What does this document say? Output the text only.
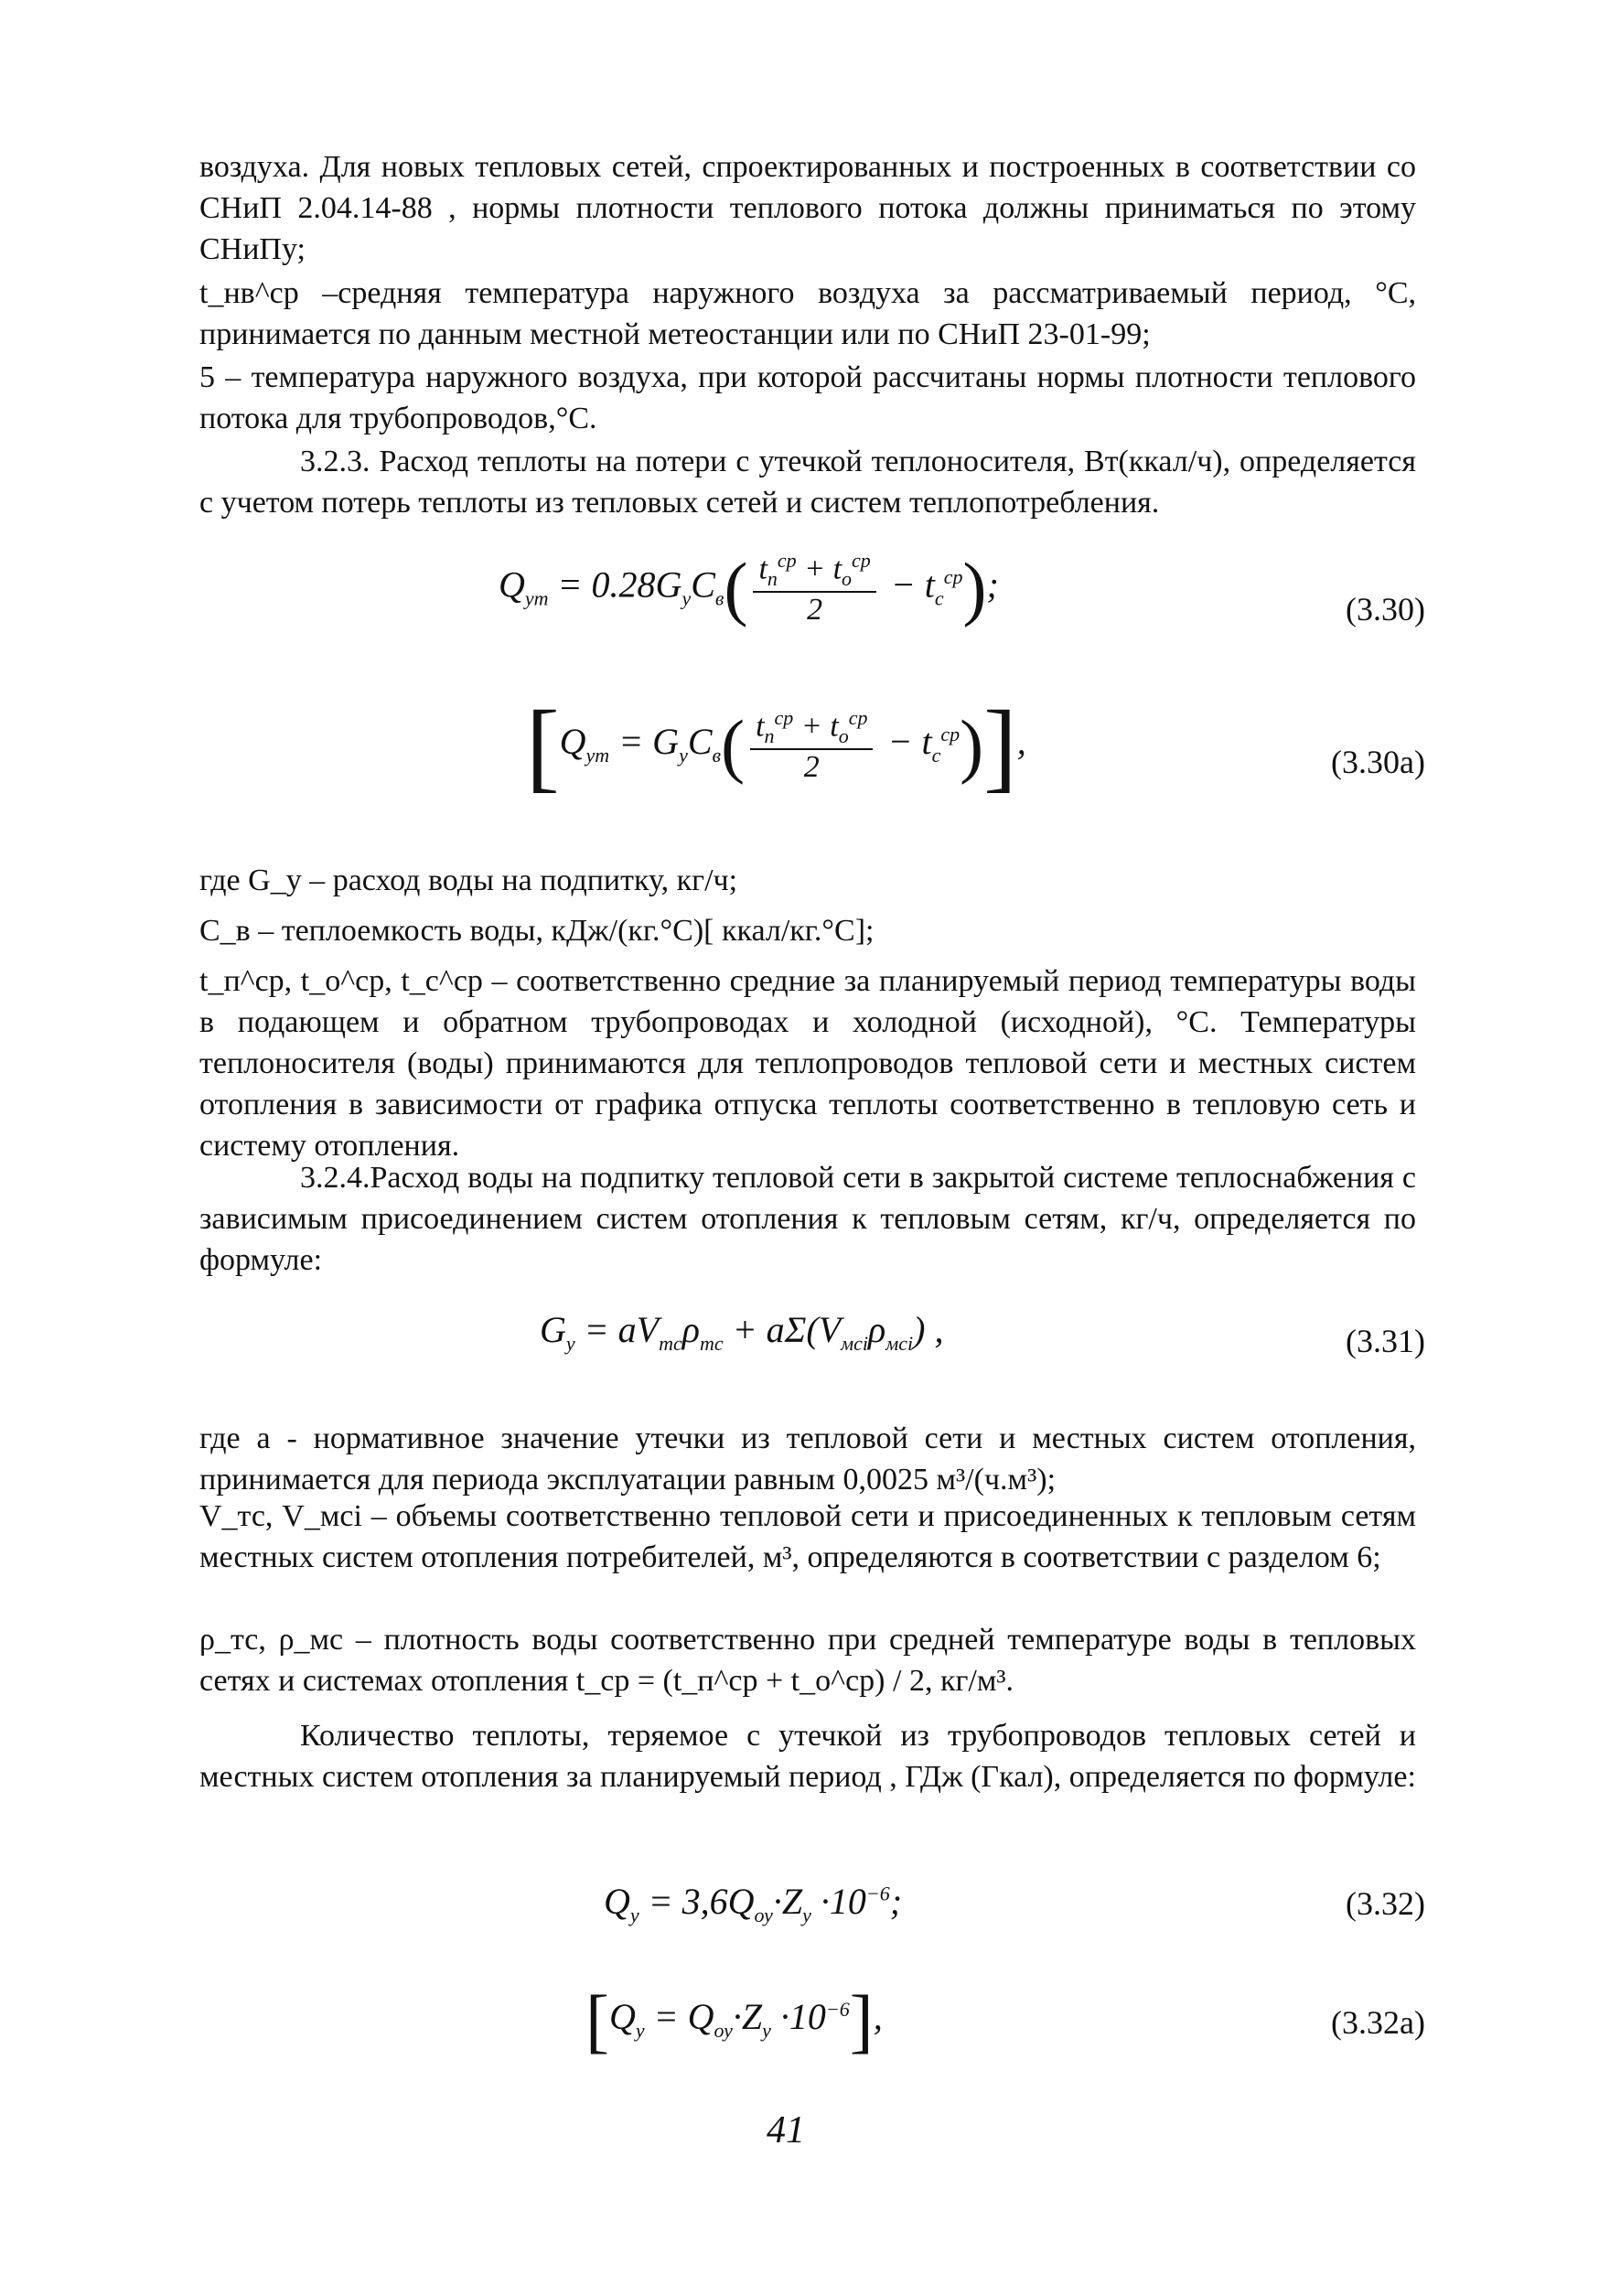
воздуха. Для новых тепловых сетей, спроектированных и построенных в соответствии со СНиП 2.04.14-88 , нормы плотности теплового потока должны приниматься по этому СНиПу;

t_нв^ср –средняя температура наружного воздуха за рассматриваемый период, °С, принимается по данным местной метеостанции или по СНиП 23-01-99;

5 – температура наружного воздуха, при которой рассчитаны нормы плотности теплового потока для трубопроводов,°С.

3.2.3. Расход теплоты на потери с утечкой теплоносителя, Вт(ккал/ч), определяется с учетом потерь теплоты из тепловых сетей и систем теплопотребления.

$Q_{ут} = 0.28G_уC_в( \frac{t_п^{ср} + t_о^{ср}}{2} - t_с^{ср})$;
(3.30)
$[Q_{ут} = G_уC_в( \frac{t_п^{ср} + t_о^{ср}}{2} - t_с^{ср})]$,	(3.30a)

где G_у – расход воды на подпитку, кг/ч;

C_в – теплоемкость воды, кДж/(кг.°С)[ ккал/кг.°С];

t_п^ср, t_о^ср, t_с^ср – соответственно средние за планируемый период температуры воды в подающем и обратном трубопроводах и холодной (исходной), °С. Температуры теплоносителя (воды) принимаются для теплопроводов тепловой сети и местных систем отопления в зависимости от графика отпуска теплоты соответственно в тепловую сеть и систему отопления.

3.2.4.Расход воды на подпитку тепловой сети в закрытой системе теплоснабжения с зависимым присоединением систем отопления к тепловым сетям, кг/ч, определяется по формуле:

$G_у = aV_{тс}\rho_{тс} + a\Sigma(V_{мсi}\rho_{мсi})$ ,	(3.31)

где a - нормативное значение утечки из тепловой сети и местных систем отопления, принимается для периода эксплуатации равным 0,0025 м³/(ч.м³);

V_тс, V_мсi – объемы соответственно тепловой сети и присоединенных к тепловым сетям местных систем отопления потребителей, м³, определяются в соответствии с разделом 6;

ρ_тс, ρ_мс – плотность воды соответственно при средней температуре воды в тепловых сетях и системах отопления t_ср = (t_п^ср + t_о^ср) / 2, кг/м³.

Количество теплоты, теряемое с утечкой из трубопроводов тепловых сетей и местных систем отопления за планируемый период , ГДж (Гкал), определяется по формуле:

$Q_у = 3,6Q_{оу}\cdot Z_у \cdot 10^{-6}$;	(3.32)
$[Q_у = Q_{оу}\cdot Z_у \cdot 10^{-6}]$,	(3.32a)
41
